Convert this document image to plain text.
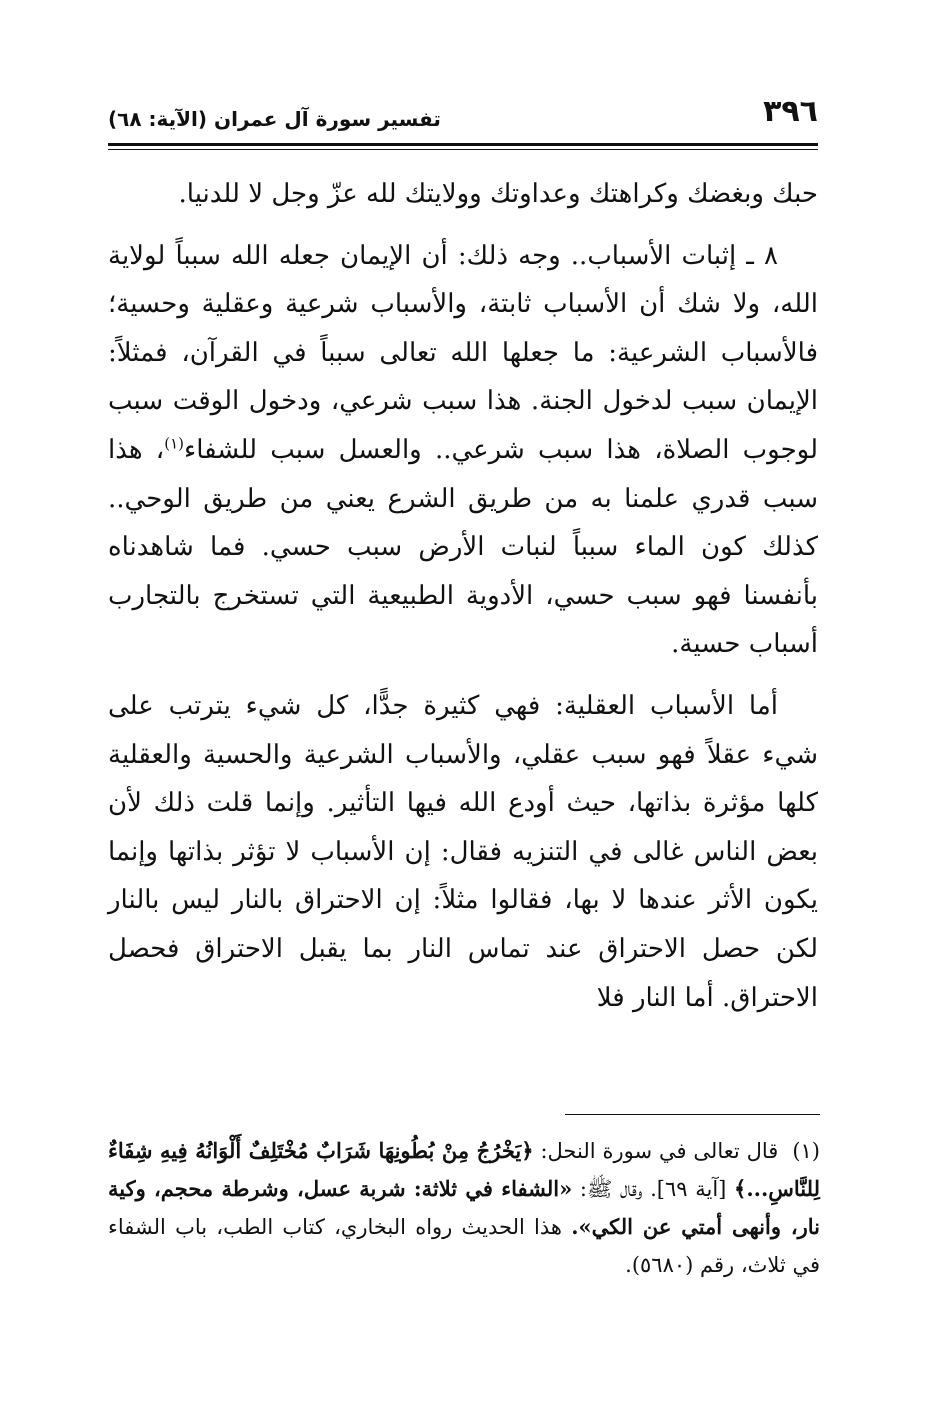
٣٩٦
تفسير سورة آل عمران (الآية: ٦٨)

حبك وبغضك وكراهتك وعداوتك وولايتك لله عزّ وجل لا للدنيا.

٨ ـ إثبات الأسباب.. وجه ذلك: أن الإيمان جعله الله سبباً لولاية الله، ولا شك أن الأسباب ثابتة، والأسباب شرعية وعقلية وحسية؛ فالأسباب الشرعية: ما جعلها الله تعالى سبباً في القرآن، فمثلاً: الإيمان سبب لدخول الجنة. هذا سبب شرعي، ودخول الوقت سبب لوجوب الصلاة، هذا سبب شرعي.. والعسل سبب للشفاء$^{(١)}$، هذا سبب قدري علمنا به من طريق الشرع يعني من طريق الوحي.. كذلك كون الماء سبباً لنبات الأرض سبب حسي. فما شاهدناه بأنفسنا فهو سبب حسي، الأدوية الطبيعية التي تستخرج بالتجارب أسباب حسية.

أما الأسباب العقلية: فهي كثيرة جدًّا، كل شيء يترتب على شيء عقلاً فهو سبب عقلي، والأسباب الشرعية والحسية والعقلية كلها مؤثرة بذاتها، حيث أودع الله فيها التأثير. وإنما قلت ذلك لأن بعض الناس غالى في التنزيه فقال: إن الأسباب لا تؤثر بذاتها وإنما يكون الأثر عندها لا بها، فقالوا مثلاً: إن الاحتراق بالنار ليس بالنار لكن حصل الاحتراق عند تماس النار بما يقبل الاحتراق فحصل الاحتراق. أما النار فلا

(١)قال تعالى في سورة النحل: ﴿يَخْرُجُ مِنْ بُطُونِهَا شَرَابٌ مُخْتَلِفٌ أَلْوَانُهُ فِيهِ شِفَاءٌ لِلنَّاسِ...﴾ [آية ٦٩]. وقال ﷺ: «الشفاء في ثلاثة: شربة عسل، وشرطة محجم، وكية نار، وأنهى أمتي عن الكي». هذا الحديث رواه البخاري، كتاب الطب، باب الشفاء في ثلاث، رقم (٥٦٨٠).
